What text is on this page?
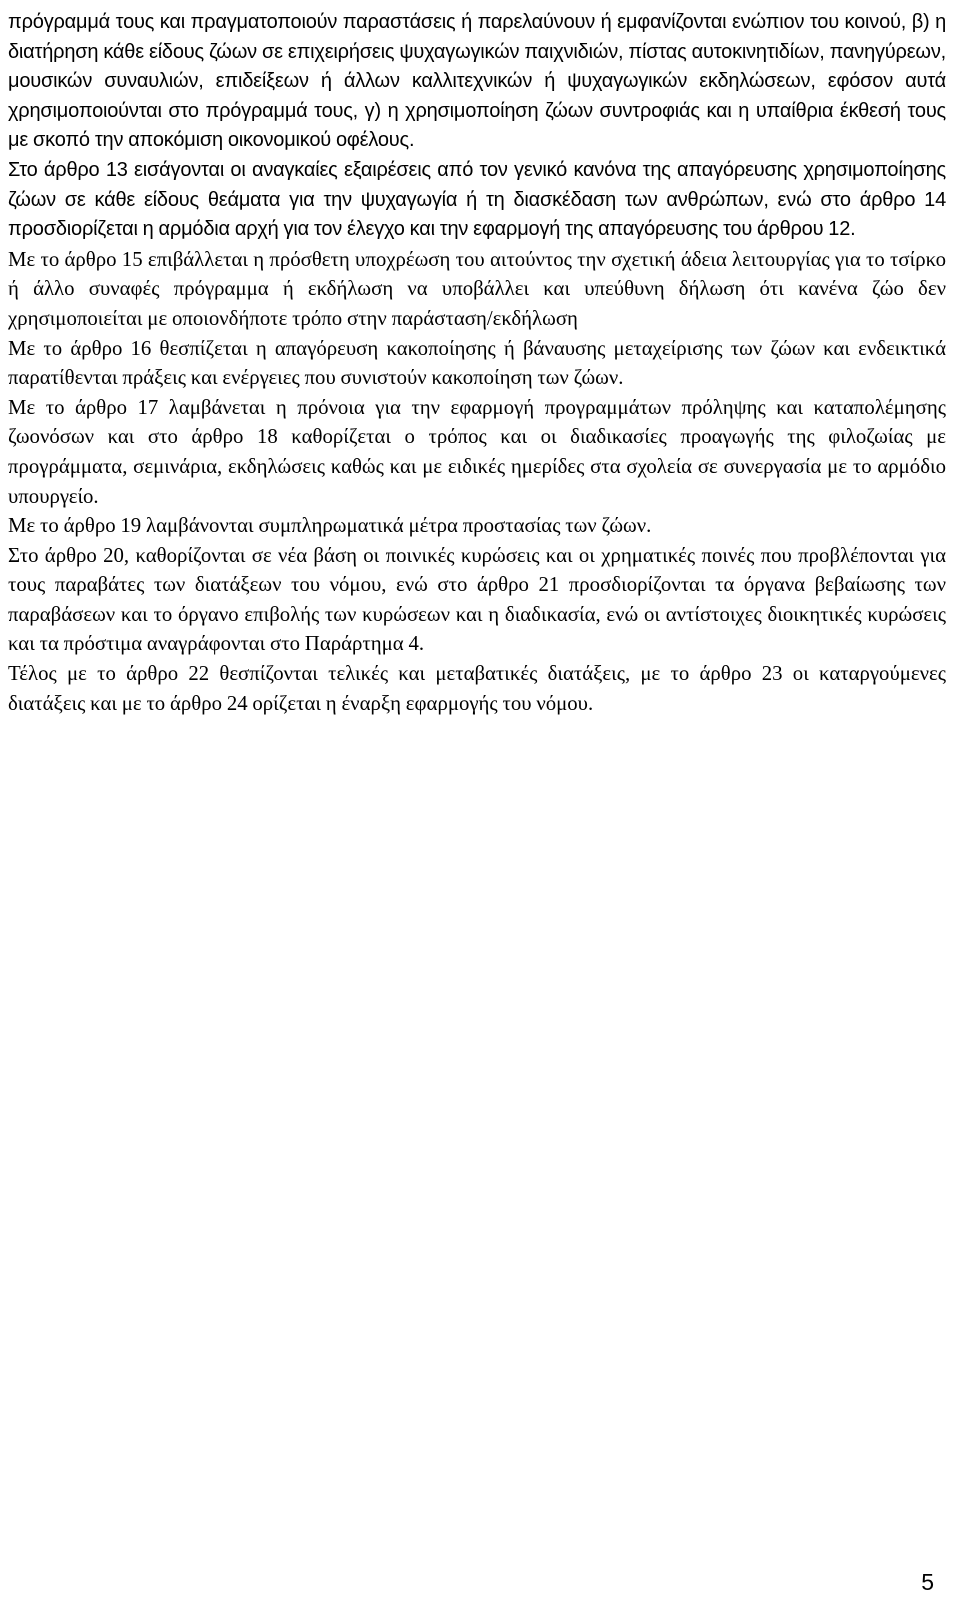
πρόγραμμά τους και πραγματοποιούν παραστάσεις ή παρελαύνουν ή εμφανίζονται ενώπιον του κοινού, β) η διατήρηση κάθε είδους ζώων σε επιχειρήσεις ψυχαγωγικών παιχνιδιών, πίστας αυτοκινητιδίων, πανηγύρεων, μουσικών συναυλιών, επιδείξεων ή άλλων καλλιτεχνικών ή ψυχαγωγικών εκδηλώσεων, εφόσον αυτά χρησιμοποιούνται στο πρόγραμμά τους, γ) η χρησιμοποίηση ζώων συντροφιάς και η υπαίθρια έκθεσή τους με σκοπό την αποκόμιση οικονομικού οφέλους.

Στο άρθρο 13 εισάγονται οι αναγκαίες εξαιρέσεις από τον γενικό κανόνα της απαγόρευσης χρησιμοποίησης ζώων σε κάθε είδους θεάματα για την ψυχαγωγία ή τη διασκέδαση των ανθρώπων, ενώ στο άρθρο 14 προσδιορίζεται η αρμόδια αρχή για τον έλεγχο και την εφαρμογή της απαγόρευσης του άρθρου 12.

Με το άρθρο 15 επιβάλλεται η πρόσθετη υποχρέωση του αιτούντος την σχετική άδεια λειτουργίας για το τσίρκο ή άλλο συναφές πρόγραμμα ή εκδήλωση να υποβάλλει και υπεύθυνη δήλωση ότι κανένα ζώο δεν χρησιμοποιείται με οποιονδήποτε τρόπο στην παράσταση/εκδήλωση

Με το άρθρο 16 θεσπίζεται η απαγόρευση κακοποίησης ή βάναυσης μεταχείρισης των ζώων και ενδεικτικά παρατίθενται πράξεις και ενέργειες που συνιστούν κακοποίηση των ζώων.

Με το άρθρο 17 λαμβάνεται η πρόνοια για την εφαρμογή προγραμμάτων πρόληψης και καταπολέμησης ζωονόσων και στο άρθρο 18 καθορίζεται ο τρόπος και οι διαδικασίες προαγωγής της φιλοζωίας με προγράμματα, σεμινάρια, εκδηλώσεις καθώς και με ειδικές ημερίδες στα σχολεία σε συνεργασία με το αρμόδιο υπουργείο.

Με το άρθρο 19 λαμβάνονται συμπληρωματικά μέτρα προστασίας των ζώων.

Στο άρθρο 20, καθορίζονται σε νέα βάση οι ποινικές κυρώσεις και οι χρηματικές ποινές που προβλέπονται για τους παραβάτες των διατάξεων του νόμου, ενώ στο άρθρο 21 προσδιορίζονται τα όργανα βεβαίωσης των παραβάσεων και το όργανο επιβολής των κυρώσεων και η διαδικασία, ενώ οι αντίστοιχες διοικητικές κυρώσεις και τα πρόστιμα αναγράφονται στο Παράρτημα 4.

Τέλος με το άρθρο 22 θεσπίζονται τελικές και μεταβατικές διατάξεις, με το άρθρο 23 οι καταργούμενες διατάξεις και με το άρθρο 24 ορίζεται η έναρξη εφαρμογής του νόμου.

5
